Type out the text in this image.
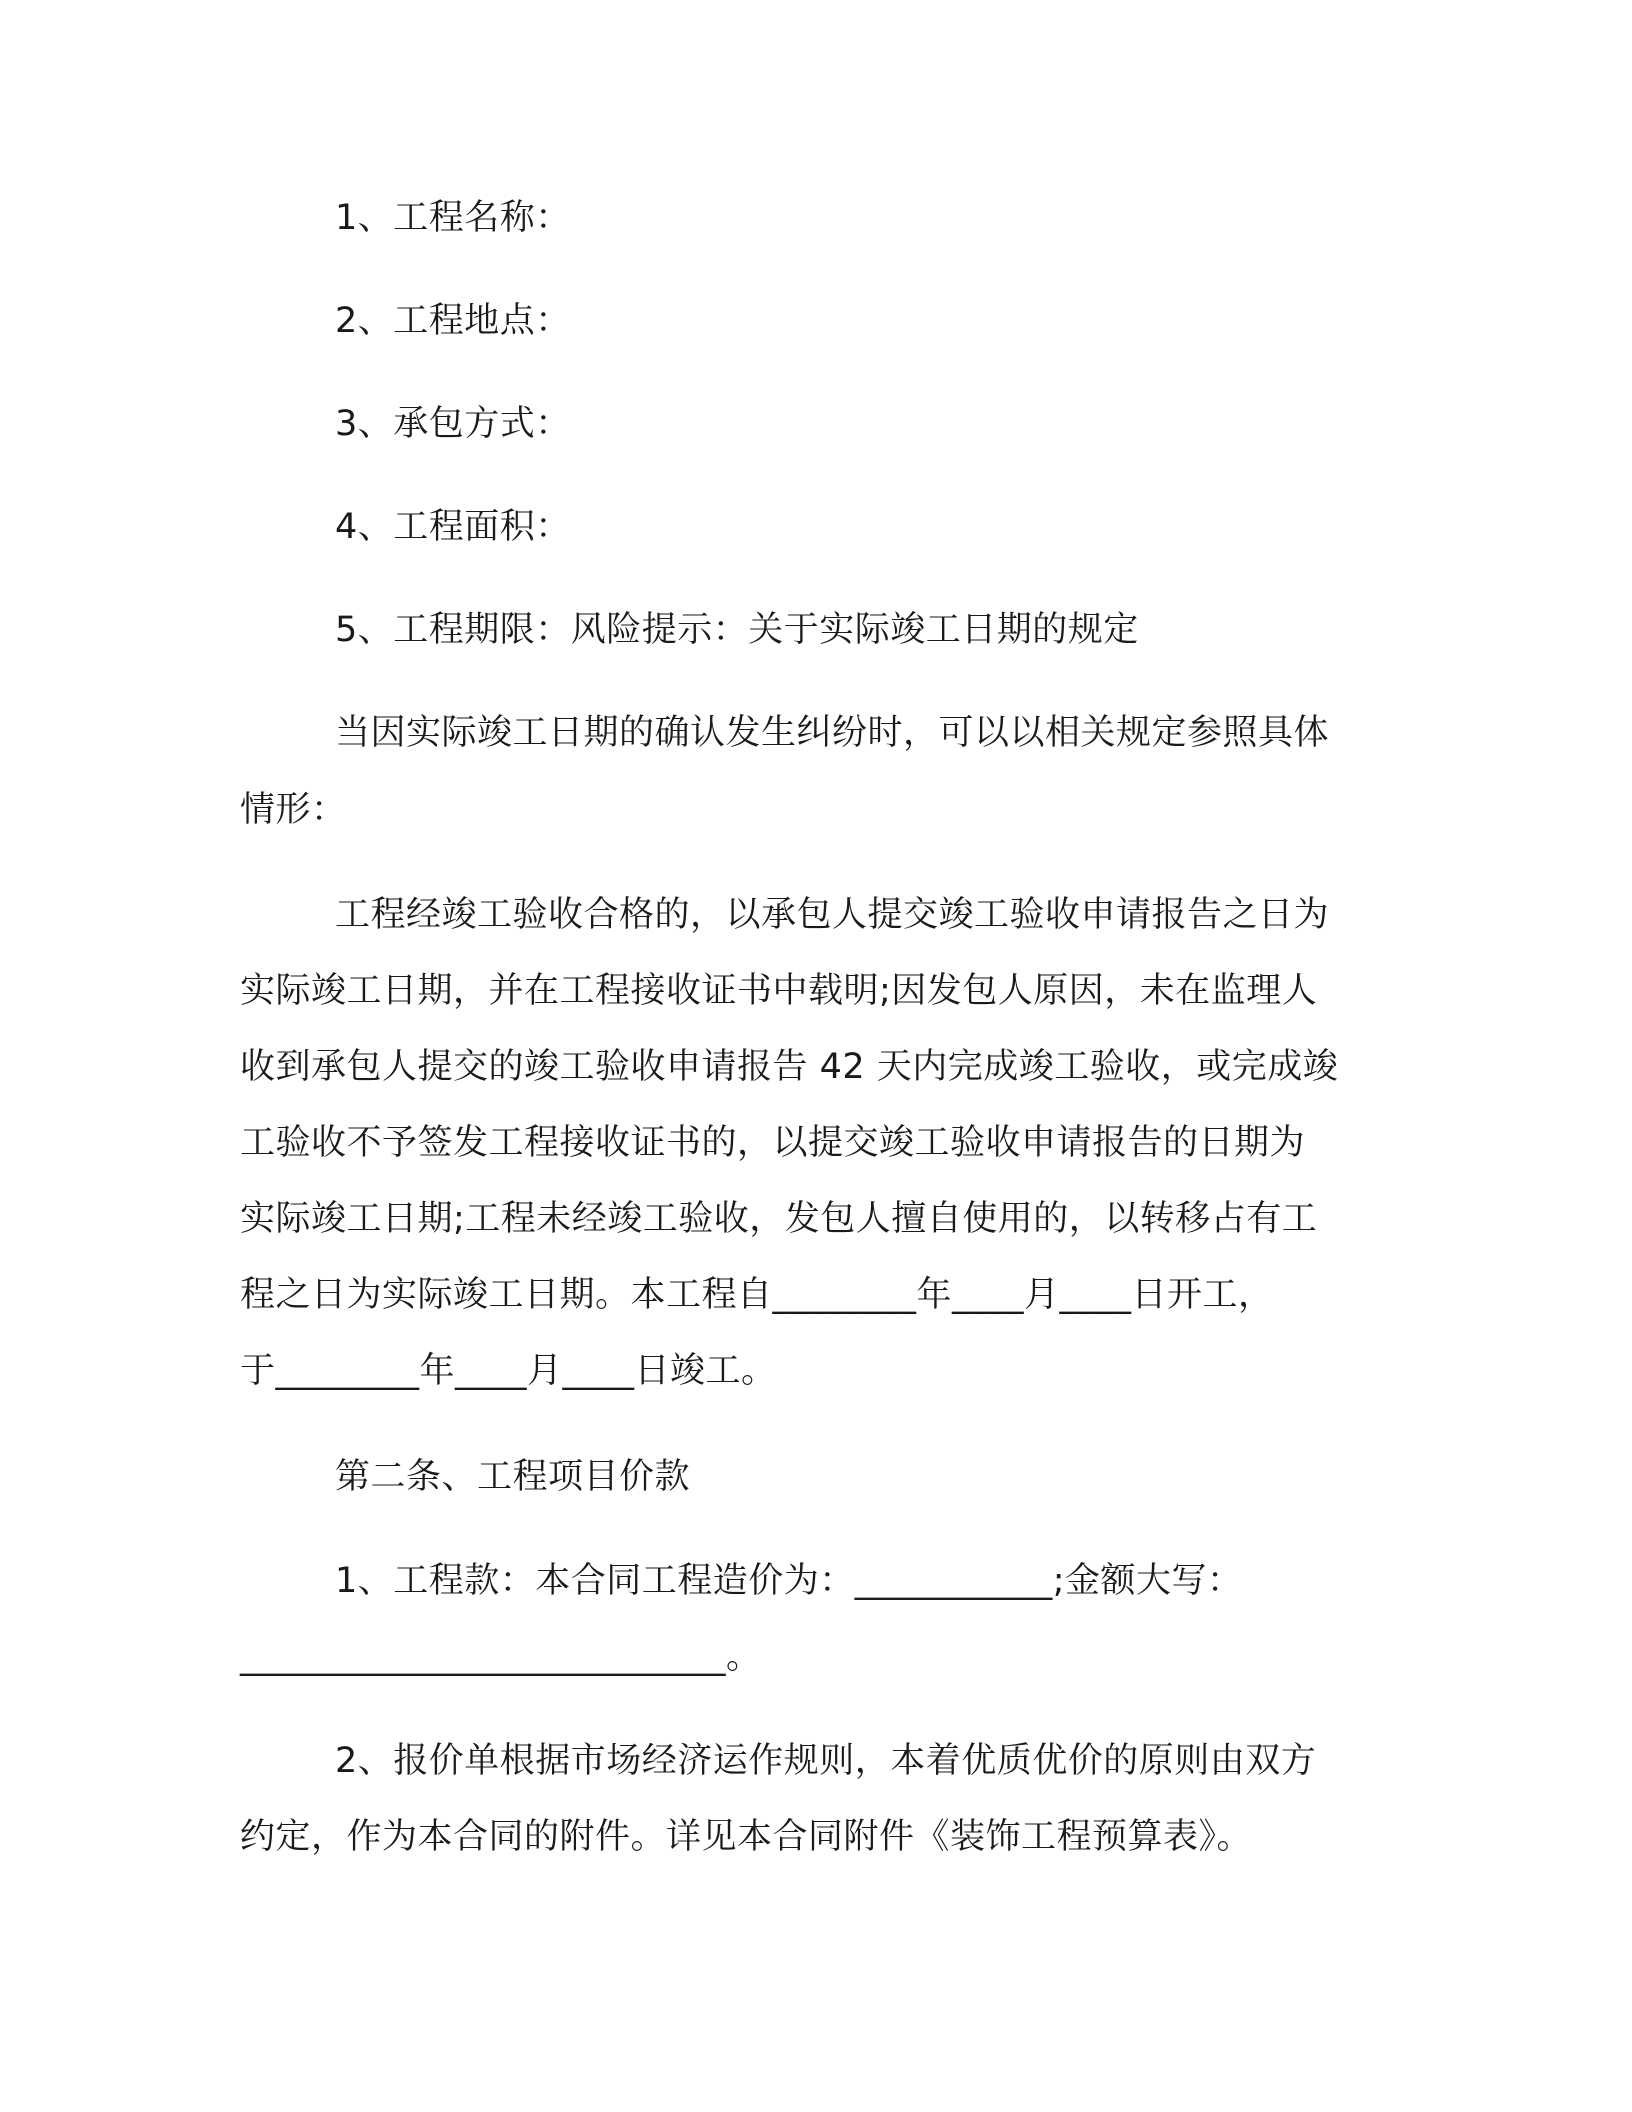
1、工程名称：

2、工程地点：

3、承包方式：

4、工程面积：

5、工程期限：风险提示：关于实际竣工日期的规定

当因实际竣工日期的确认发生纠纷时，可以以相关规定参照具体

情形：

工程经竣工验收合格的，以承包人提交竣工验收申请报告之日为

实际竣工日期，并在工程接收证书中载明;因发包人原因，未在监理人

收到承包人提交的竣工验收申请报告 42 天内完成竣工验收，或完成竣

工验收不予签发工程接收证书的，以提交竣工验收申请报告的日期为

实际竣工日期;工程未经竣工验收，发包人擅自使用的，以转移占有工

程之日为实际竣工日期。本工程自________年____月____日开工，

于________年____月____日竣工。

第二条、工程项目价款

1、工程款：本合同工程造价为：___________;金额大写：

___________________________。

2、报价单根据市场经济运作规则，本着优质优价的原则由双方

约定，作为本合同的附件。详见本合同附件《装饰工程预算表》。
